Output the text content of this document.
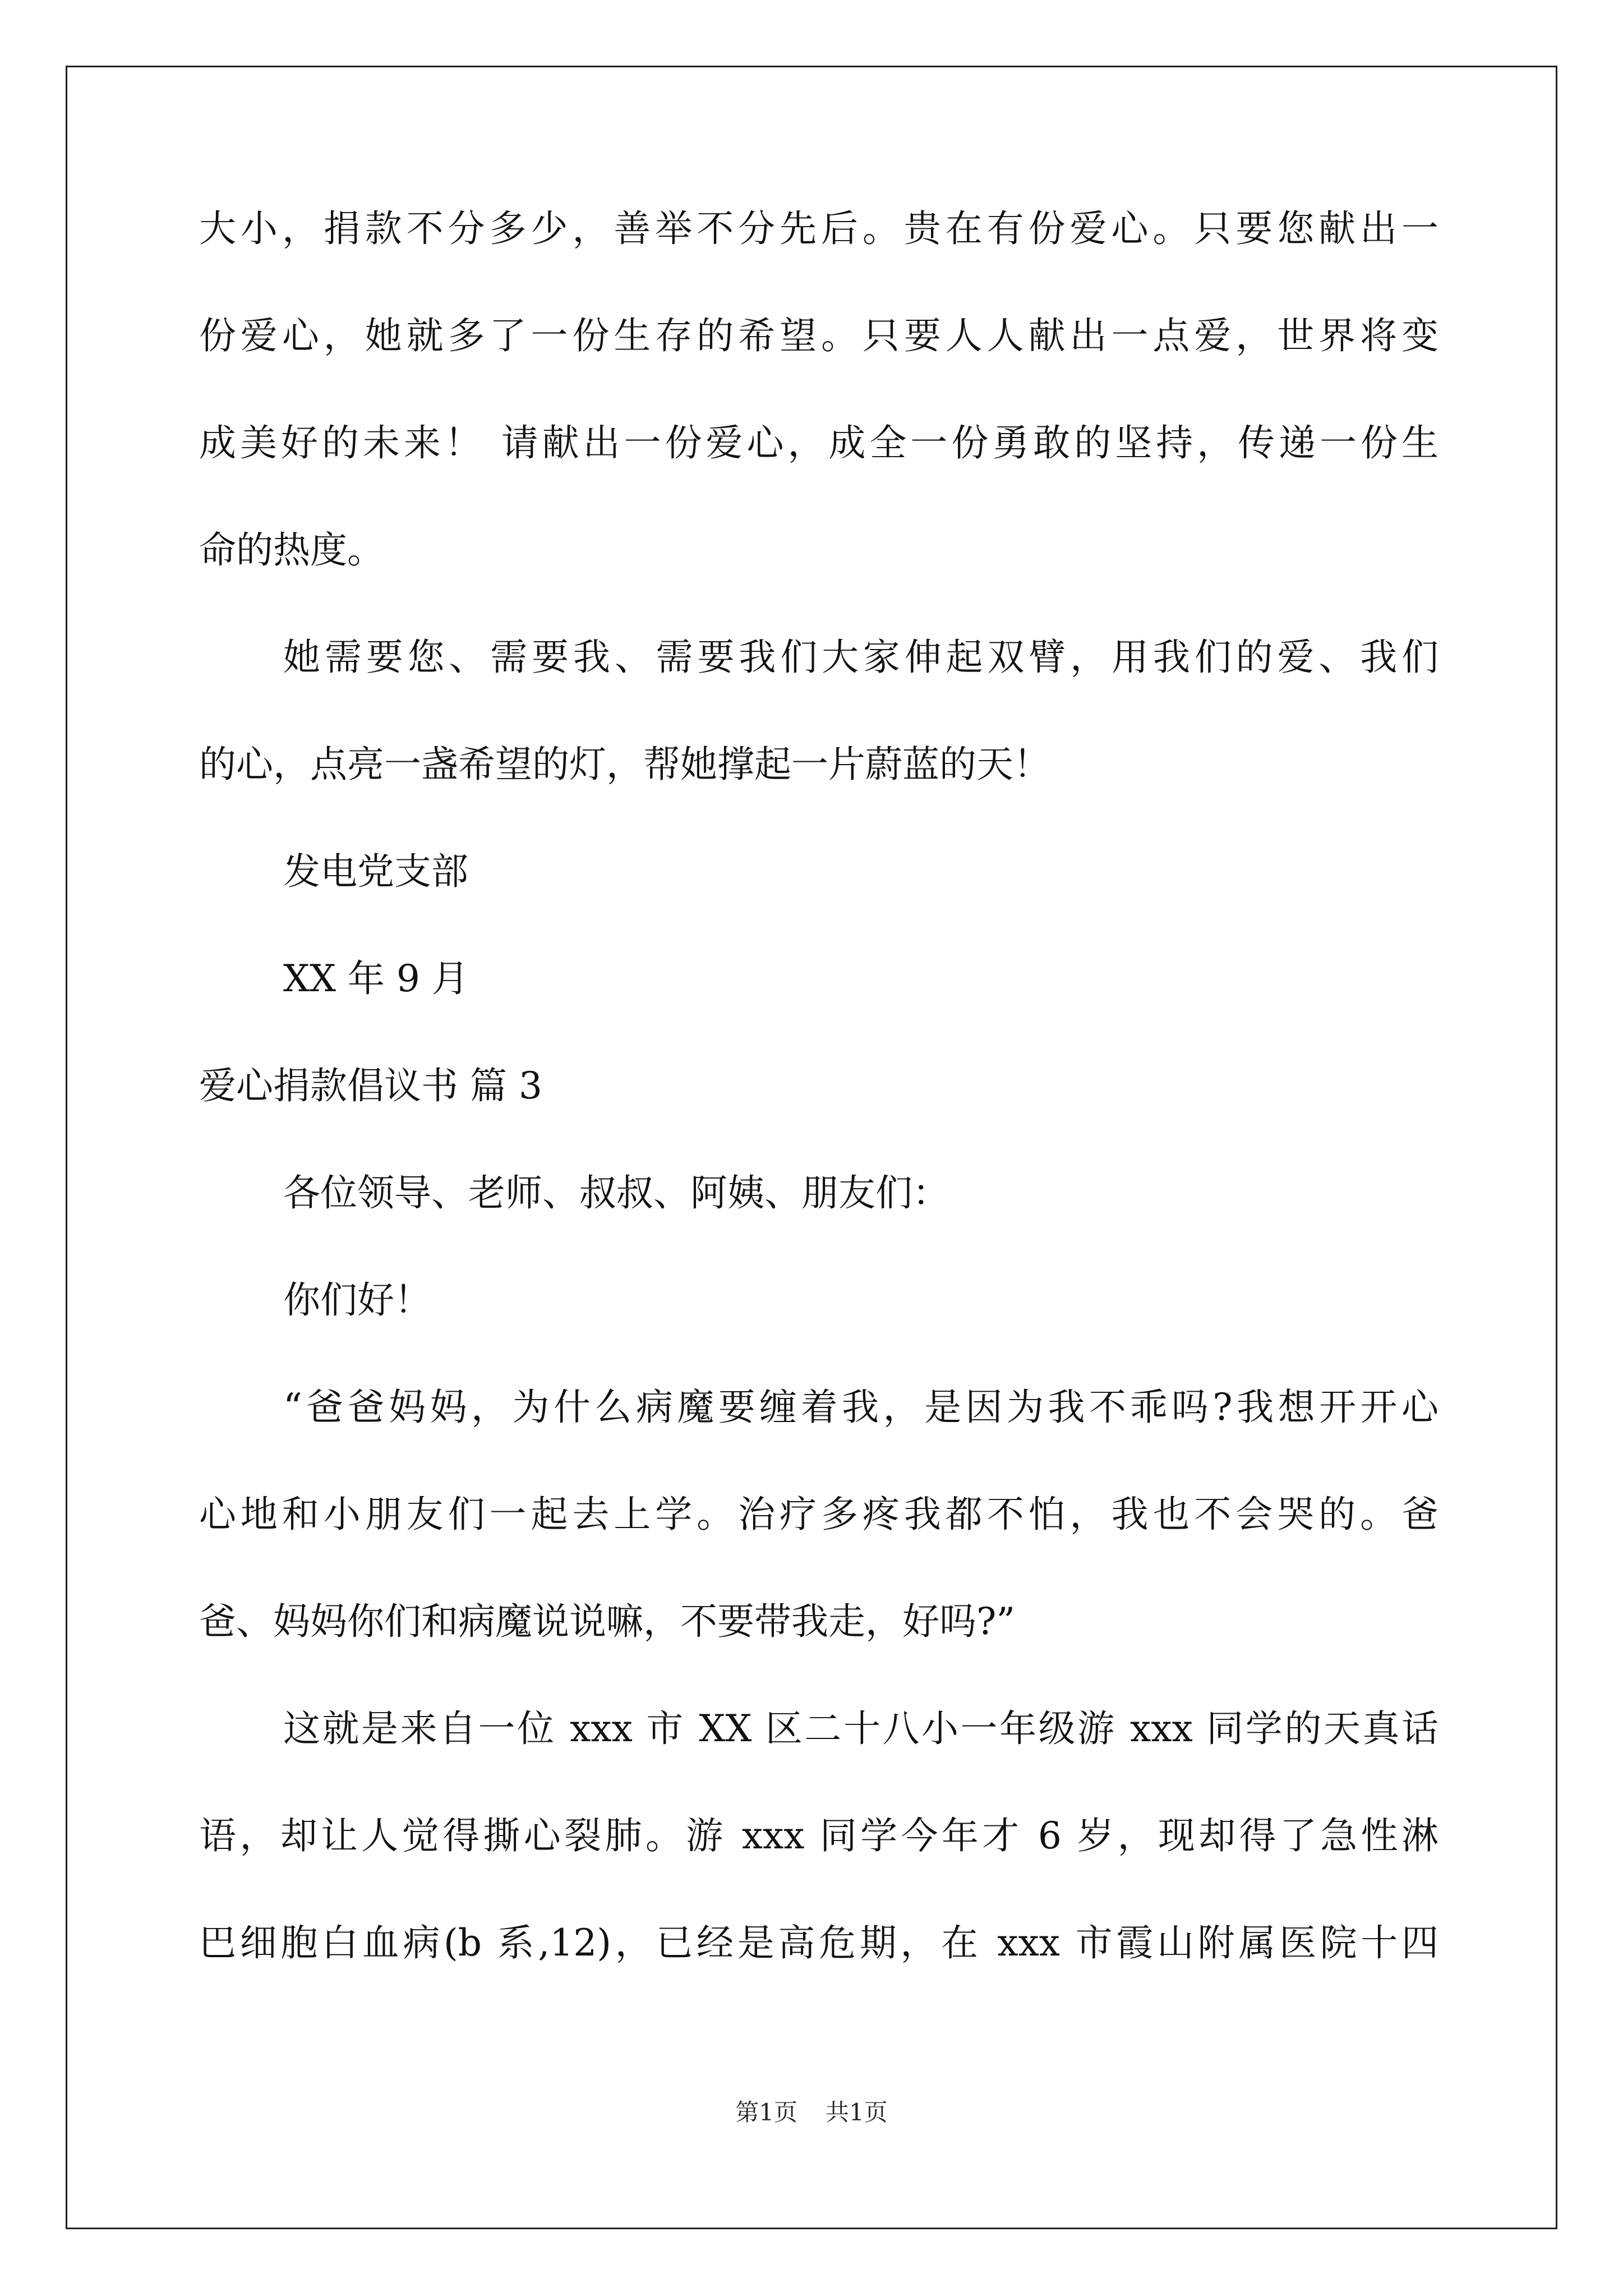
大小，捐款不分多少，善举不分先后。贵在有份爱心。只要您献出一
份爱心，她就多了一份生存的希望。只要人人献出一点爱，世界将变
成美好的未来！ 请献出一份爱心，成全一份勇敢的坚持，传递一份生
命的热度。
她需要您、需要我、需要我们大家伸起双臂，用我们的爱、我们
的心，点亮一盏希望的灯，帮她撑起一片蔚蓝的天！
发电党支部
XX 年 9 月
爱心捐款倡议书 篇 3
各位领导、老师、叔叔、阿姨、朋友们：
你们好！
“爸爸妈妈，为什么病魔要缠着我，是因为我不乖吗?我想开开心
心地和小朋友们一起去上学。治疗多疼我都不怕，我也不会哭的。爸
爸、妈妈你们和病魔说说嘛，不要带我走，好吗?”
这就是来自一位 xxx 市 XX 区二十八小一年级游 xxx 同学的天真话
语，却让人觉得撕心裂肺。游 xxx 同学今年才 6 岁，现却得了急性淋
巴细胞白血病(b 系,12)，已经是高危期，在 xxx 市霞山附属医院十四
第1页 共1页
